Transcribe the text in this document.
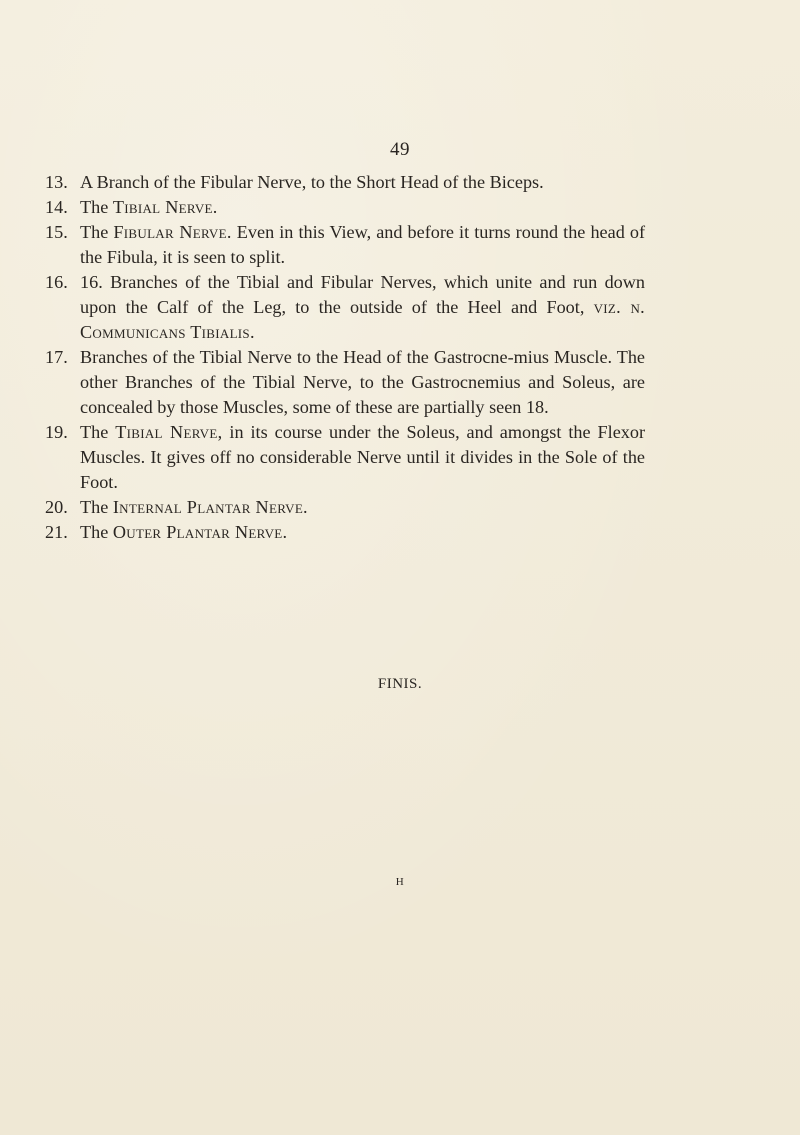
49
13. A Branch of the Fibular Nerve, to the Short Head of the Biceps.
14. The Tibial Nerve.
15. The Fibular Nerve. Even in this View, and before it turns round the head of the Fibula, it is seen to split.
16. 16. Branches of the Tibial and Fibular Nerves, which unite and run down upon the Calf of the Leg, to the outside of the Heel and Foot, viz. n. Communicans Tibialis.
17. Branches of the Tibial Nerve to the Head of the Gastrocne-mius Muscle. The other Branches of the Tibial Nerve, to the Gastrocnemius and Soleus, are concealed by those Muscles, some of these are partially seen 18.
19. The Tibial Nerve, in its course under the Soleus, and amongst the Flexor Muscles. It gives off no considerable Nerve until it divides in the Sole of the Foot.
20. The Internal Plantar Nerve.
21. The Outer Plantar Nerve.
FINIS.
H
